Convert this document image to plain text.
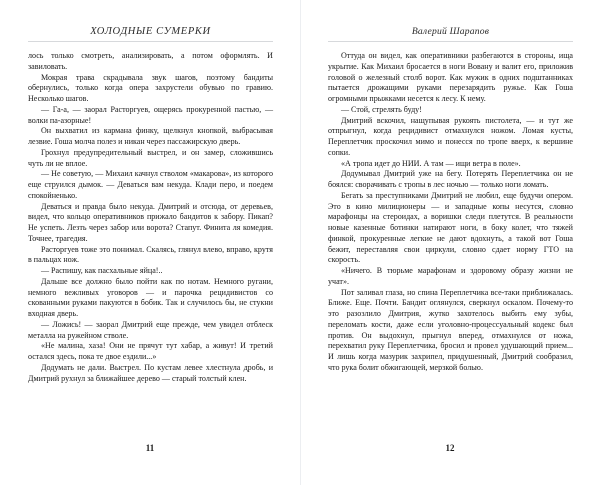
ХОЛОДНЫЕ СУМЕРКИ

лось только смотреть, анализировать, а потом оформлять. И завиловать.

Мокрая трава скрадывала звук шагов, поэтому бандиты обернулись, только когда опера захрустели обувью по гравию. Несколько шагов.

— Га-а, — заорал Расторгуев, ощерясь прокуренной пастью, — волки па-азорные!

Он выхватил из кармана финку, щелкнул кнопкой, выбрасывая лезвие. Гоша молча полез и никан через пассажирскую дверь.

Грохнул предупредительный выстрел, и он замер, сложившись чуть ли не вплое.

— Не советую, — Михаил качнул стволом «макарова», из которого еще струился дымок. — Деваться вам некуда. Клади перо, и поедем спокойненько.

Деваться и правда было некуда. Дмитрий и отсюда, от деревьев, видел, что кольцо оперативников прижало бандитов к забору. Пикап? Не успеть. Лезть через забор или ворота? Стапут. Финита ля комедия. Точнее, трагедия.

Расторгуев тоже это понимал. Скалясь, глянул влево, вправо, крутя в пальцах нож.

— Распишу, как пасхальные яйца!..

Дальше все должно было пойти как по нотам. Немного ругани, немного вежливых уговоров — и парочка рецидивистов со скованными руками пакуются в бобик. Так и случилось бы, не стукни входная дверь.

— Ложись! — заорал Дмитрий еще прежде, чем увидел отблеск металла на ружейном стволе.

«Не малина, хаза! Они не прячут тут хабар, а живут! И третий остался здесь, пока те двое ездили...»

Додумать не дали. Выстрел. По кустам левее хлестнула дробь, и Дмитрий рухнул за ближайшее дерево — старый толстый клен.

11
Валерий Шарапов

Оттуда он видел, как оперативники разбегаются в стороны, ища укрытие. Как Михаил бросается в ноги Вовану и валит его, приложив головой о железный столб ворот. Как мужик в одних подштанниках пытается дрожащими руками перезарядить ружье. Как Гоша огромными прыжками несется к лесу. К нему.

— Стой, стрелять буду!

Дмитрий вскочил, нащупывая рукоять пистолета, — и тут же отпрыгнул, когда рецидивист отмахнулся ножом. Ломая кусты, Переплетчик проскочил мимо и понесся по тропе вверх, к вершине сопки.

«А тропа идет до НИИ. А там — ищи ветра в поле».

Додумывал Дмитрий уже на бегу. Потерять Переплетчика он не боялся: сворачивать с тропы в лес ночью — только ноги ломать.

Бегать за преступниками Дмитрий не любил, еще будучи опером. Это в кино милиционеры — и западные копы несутся, словно марафонцы на стероидах, а воришки следи плетутся. В реальности новые казенные ботинки натирают ноги, в боку колет, что тяжей финкой, прокуренные легкие не дают вдохнуть, а такой вот Гоша бежит, переставляя свои циркули, словно сдает норму ГТО на скорость.

«Ничего. В тюрьме марафонам и здоровому образу жизни не учат».

Пот заливал глаза, но спина Переплетчика все-таки приближалась. Ближе. Еще. Почти. Бандит оглянулся, сверкнул оскалом. Почему-то это разозлило Дмитрия, жутко захотелось выбить ему зубы, переломать кости, даже если уголовно-процессуальный кодекс был против. Он выдохнул, прыгнул вперед, отмахнулся от ножа, перехватил руку Переплетчика, бросил и провел удушающий прием... И лишь когда мазурик захрипел, придушенный, Дмитрий сообразил, что рука болит обжигающей, мерзкой болью.

12
